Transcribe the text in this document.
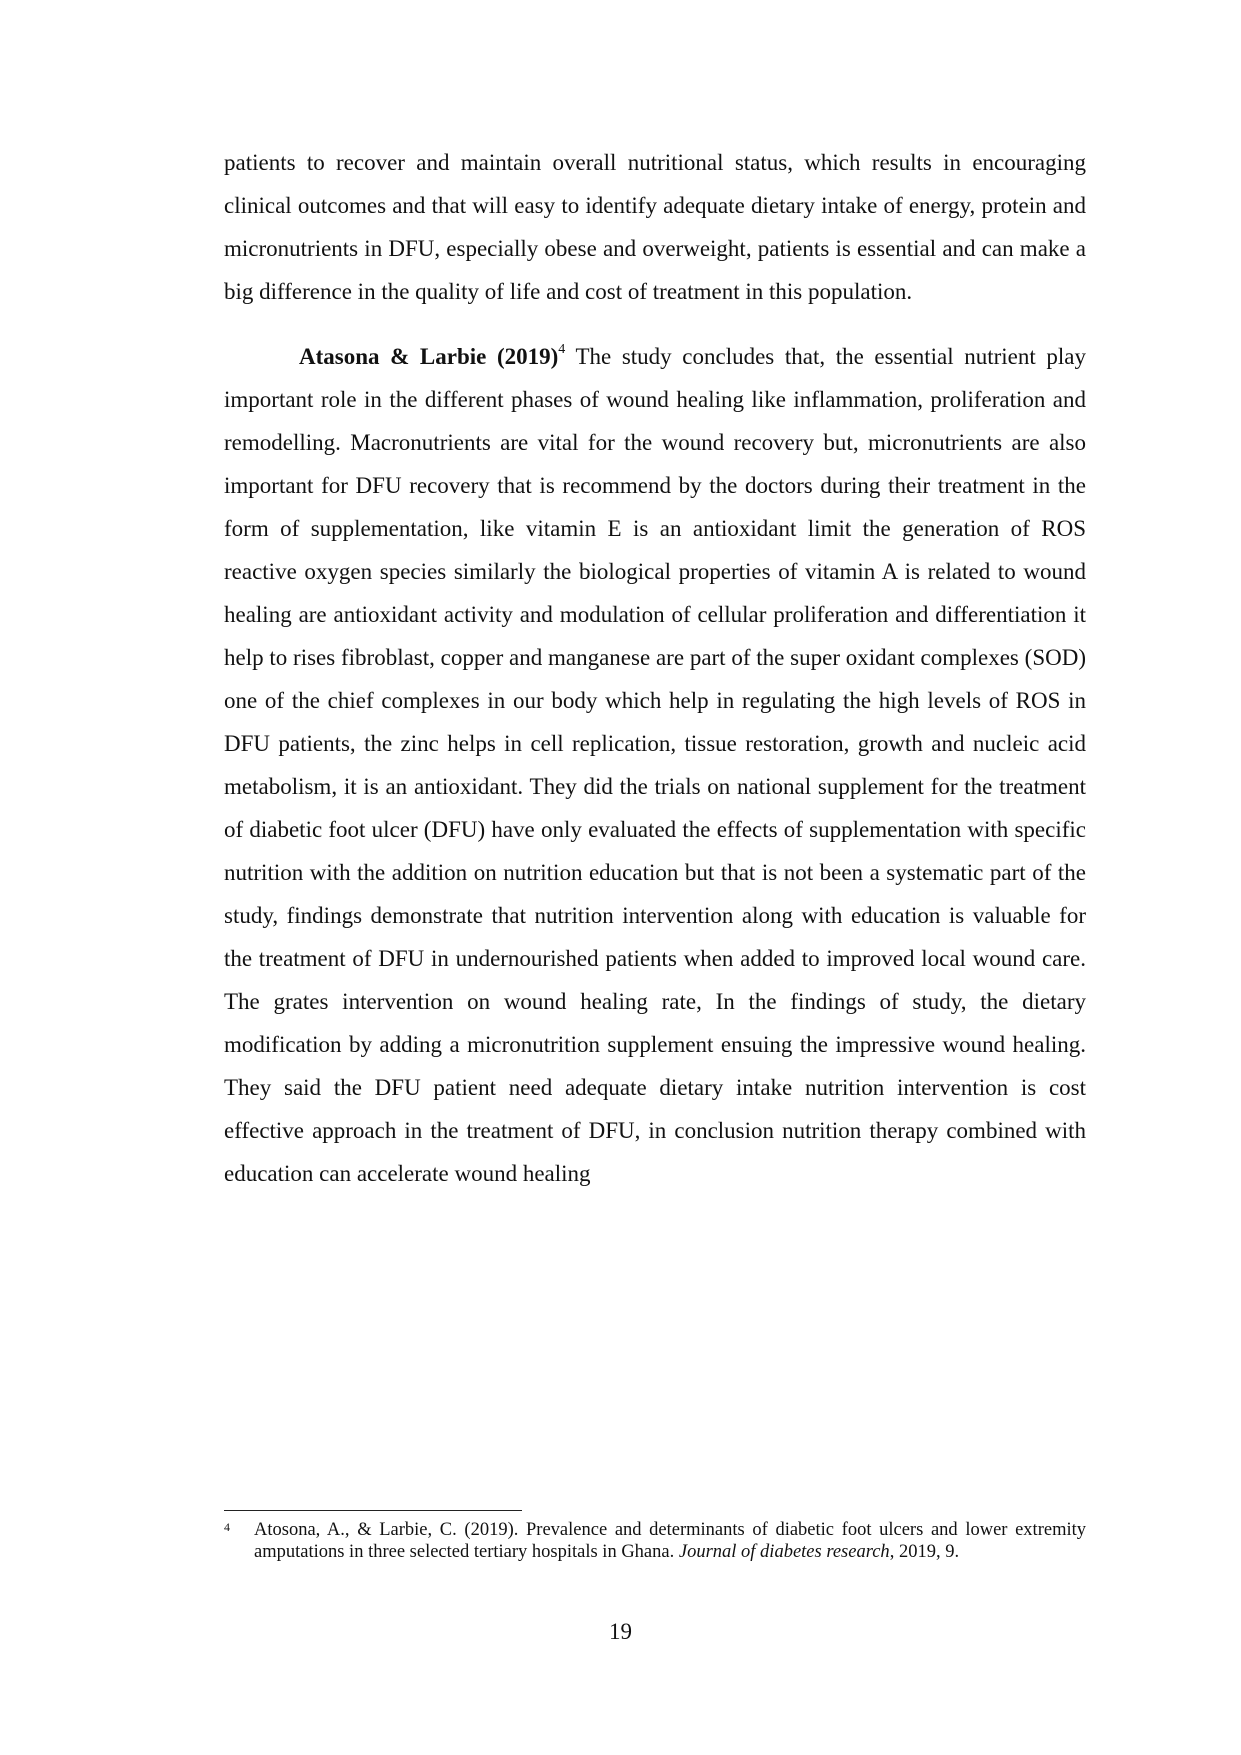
patients to recover and maintain overall nutritional status, which results in encouraging clinical outcomes and that will easy to identify adequate dietary intake of energy, protein and micronutrients in DFU, especially obese and overweight, patients is essential and can make a big difference in the quality of life and cost of treatment in this population.

Atasona & Larbie (2019)$^4$ The study concludes that, the essential nutrient play important role in the different phases of wound healing like inflammation, proliferation and remodelling. Macronutrients are vital for the wound recovery but, micronutrients are also important for DFU recovery that is recommend by the doctors during their treatment in the form of supplementation, like vitamin E is an antioxidant limit the generation of ROS reactive oxygen species similarly the biological properties of vitamin A is related to wound healing are antioxidant activity and modulation of cellular proliferation and differentiation it help to rises fibroblast, copper and manganese are part of the super oxidant complexes (SOD) one of the chief complexes in our body which help in regulating the high levels of ROS in DFU patients, the zinc helps in cell replication, tissue restoration, growth and nucleic acid metabolism, it is an antioxidant. They did the trials on national supplement for the treatment of diabetic foot ulcer (DFU) have only evaluated the effects of supplementation with specific nutrition with the addition on nutrition education but that is not been a systematic part of the study, findings demonstrate that nutrition intervention along with education is valuable for the treatment of DFU in undernourished patients when added to improved local wound care. The grates intervention on wound healing rate, In the findings of study, the dietary modification by adding a micronutrition supplement ensuing the impressive wound healing. They said the DFU patient need adequate dietary intake nutrition intervention is cost effective approach in the treatment of DFU, in conclusion nutrition therapy combined with education can accelerate wound healing

4 Atosona, A., & Larbie, C. (2019). Prevalence and determinants of diabetic foot ulcers and lower extremity amputations in three selected tertiary hospitals in Ghana. Journal of diabetes research, 2019, 9.
19
